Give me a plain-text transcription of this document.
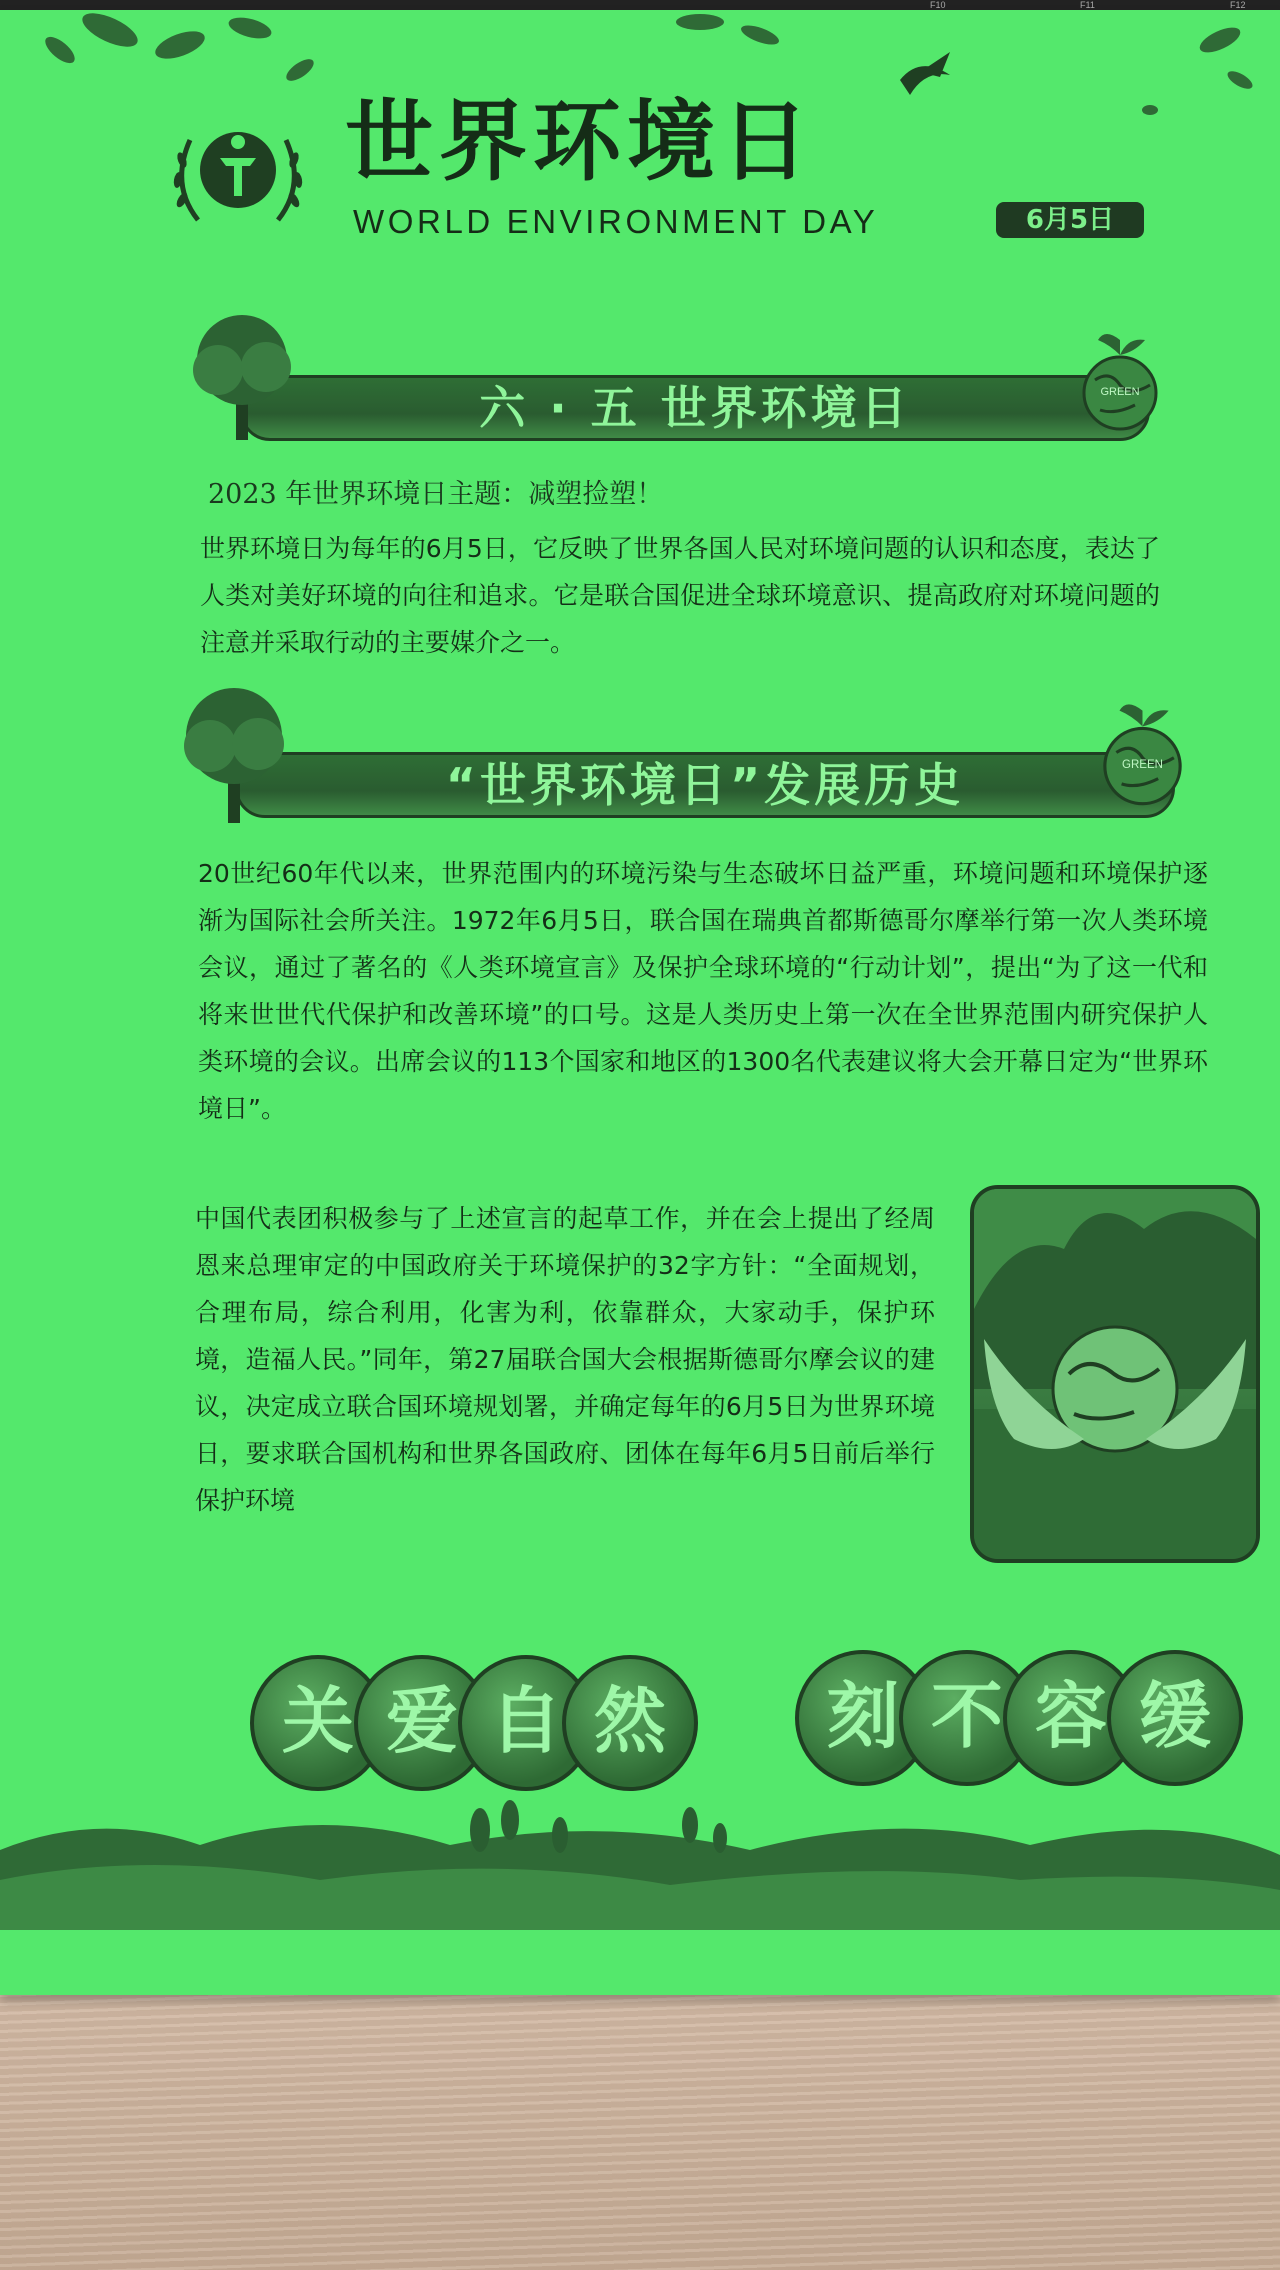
F10	F11	F12
世界环境日
WORLD ENVIRONMENT DAY	6月5日
六 · 五 世界环境日	GREEN
2023 年世界环境日主题：减塑捡塑！

世界环境日为每年的6月5日，它反映了世界各国人民对环境问题的认识和态度，表达了人类对美好环境的向往和追求。它是联合国促进全球环境意识、提高政府对环境问题的注意并采取行动的主要媒介之一。

“世界环境日”发展历史	GREEN

20世纪60年代以来，世界范围内的环境污染与生态破坏日益严重，环境问题和环境保护逐渐为国际社会所关注。1972年6月5日，联合国在瑞典首都斯德哥尔摩举行第一次人类环境会议，通过了著名的《人类环境宣言》及保护全球环境的“行动计划”，提出“为了这一代和将来世世代代保护和改善环境”的口号。这是人类历史上第一次在全世界范围内研究保护人类环境的会议。出席会议的113个国家和地区的1300名代表建议将大会开幕日定为“世界环境日”。

中国代表团积极参与了上述宣言的起草工作，并在会上提出了经周恩来总理审定的中国政府关于环境保护的32字方针：“全面规划，合理布局，综合利用，化害为利，依靠群众，大家动手，保护环境，造福人民。”同年，第27届联合国大会根据斯德哥尔摩会议的建议，决定成立联合国环境规划署，并确定每年的6月5日为世界环境日，要求联合国机构和世界各国政府、团体在每年6月5日前后举行保护环境

关 爱 自 然	刻 不 容 缓
